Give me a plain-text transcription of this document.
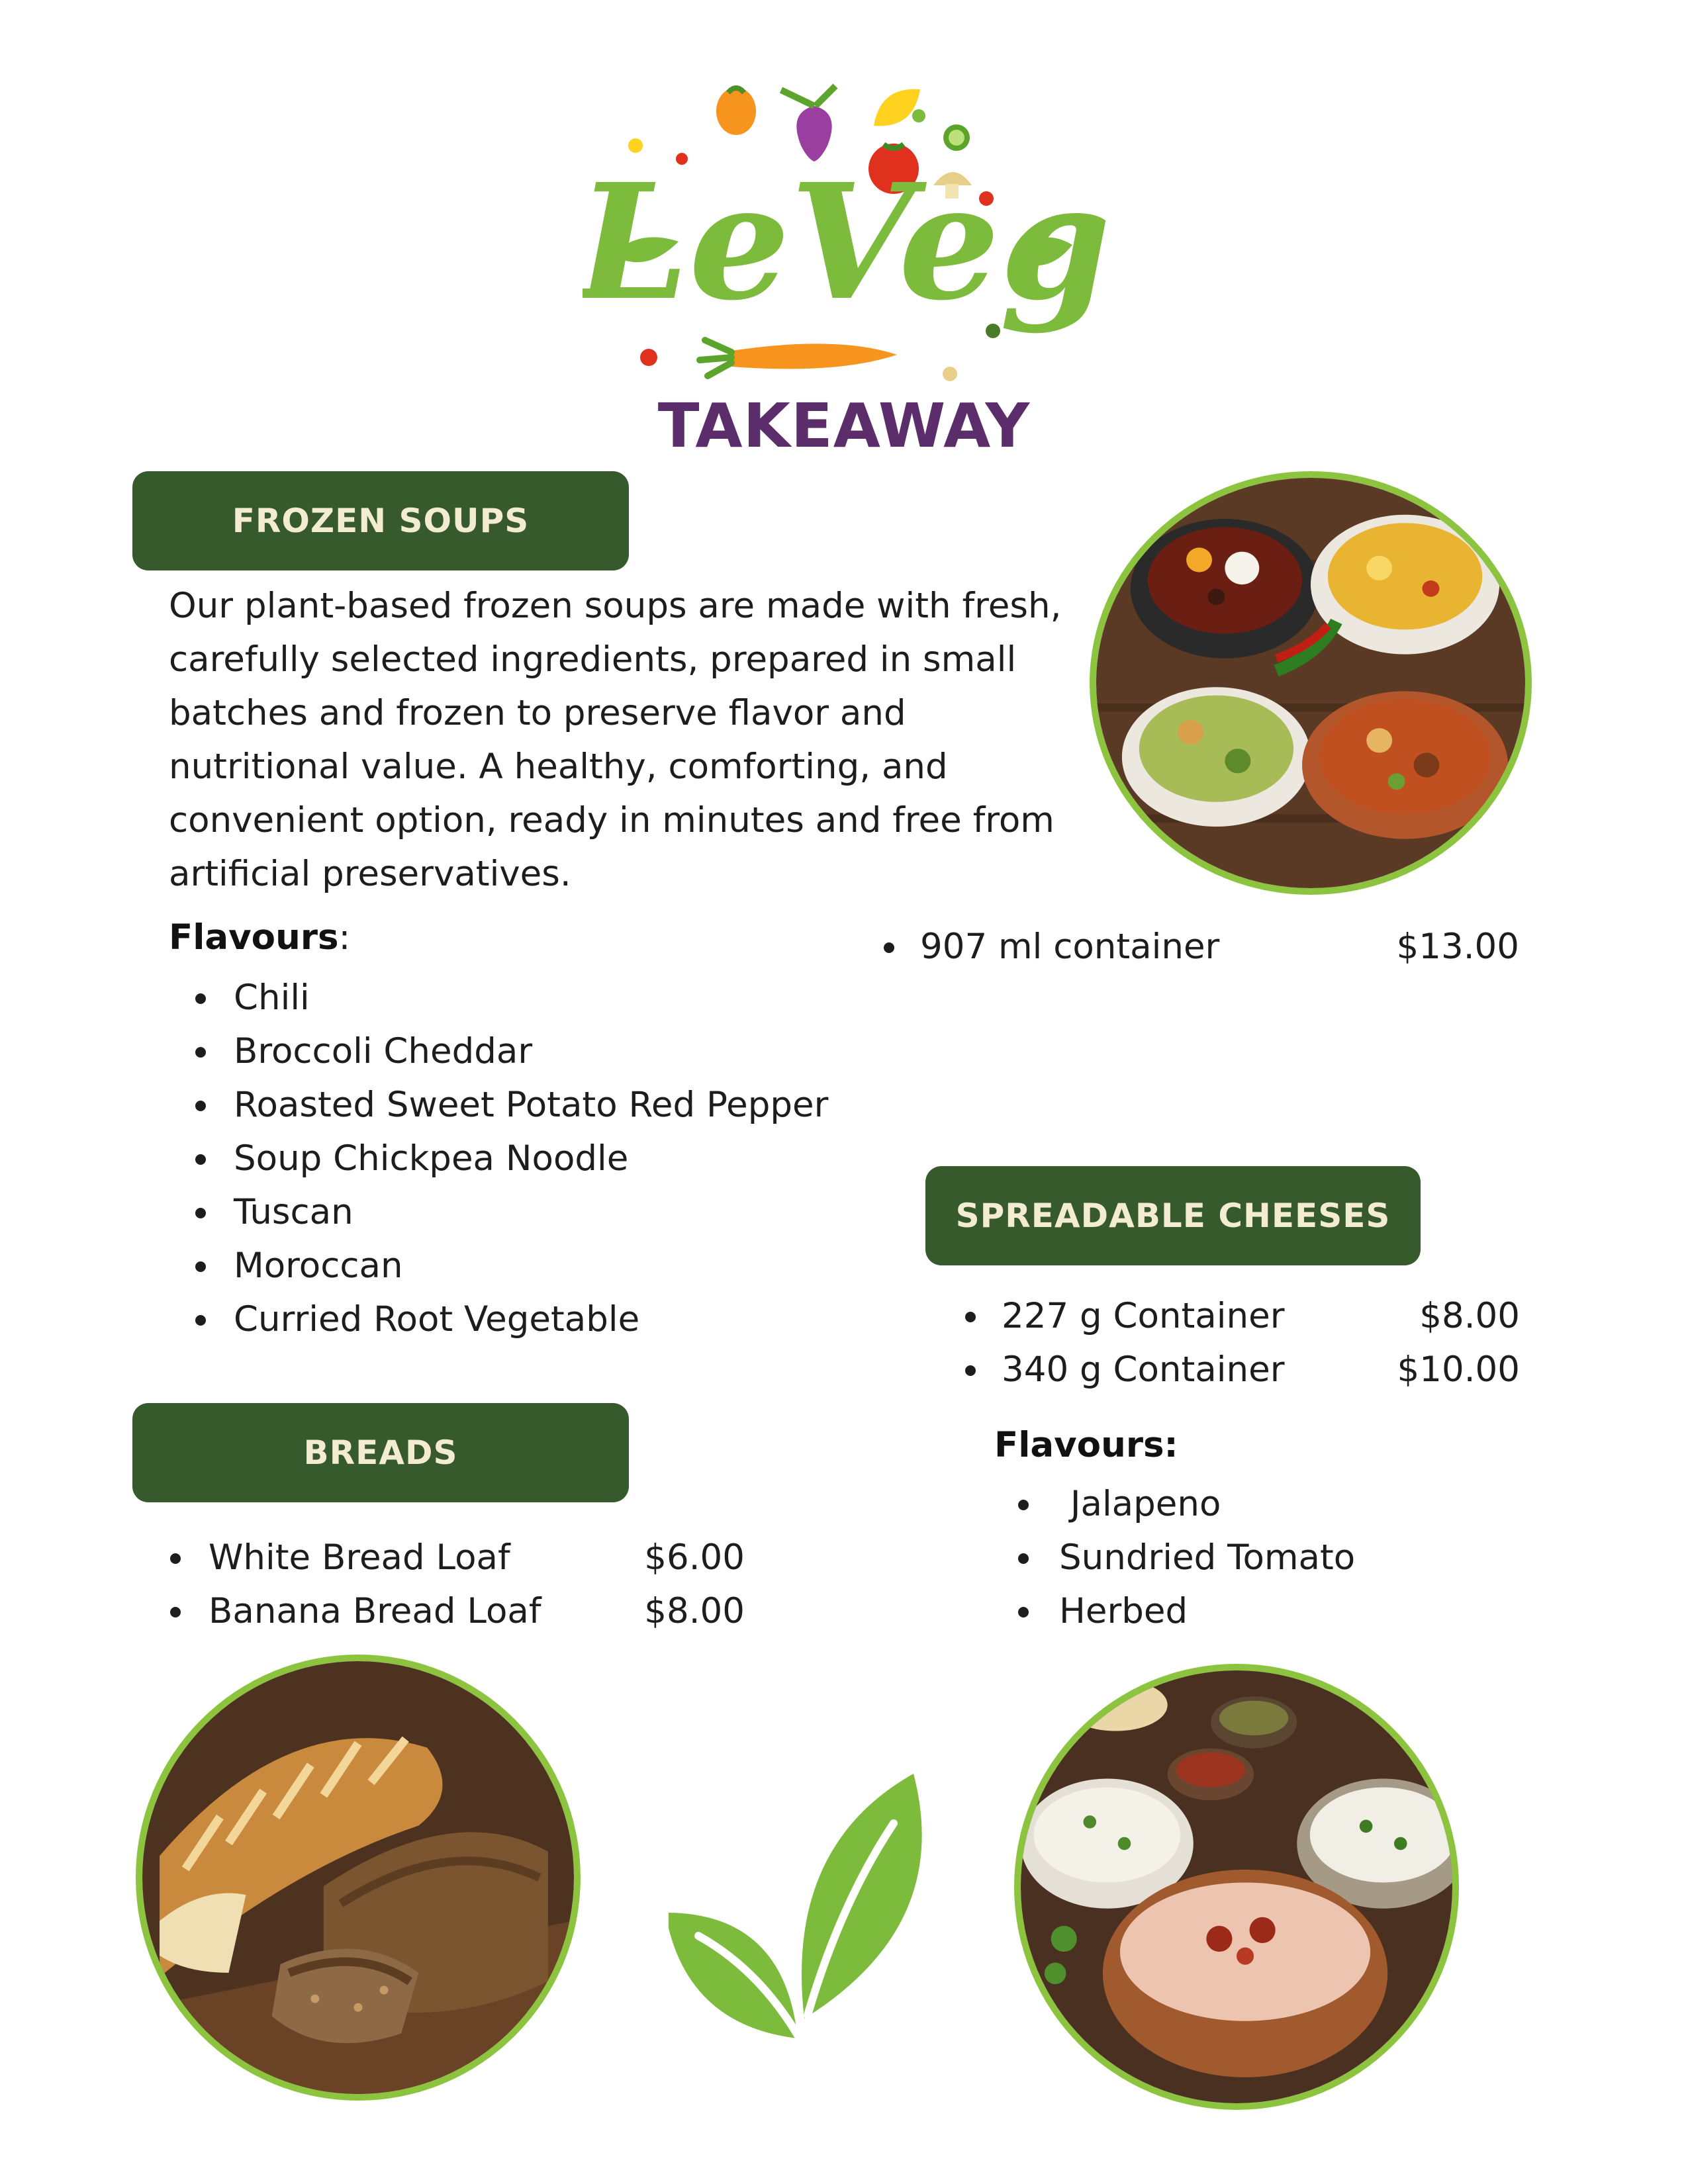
LeVeg
TAKEAWAY
FROZEN SOUPS
Our plant-based frozen soups are made with fresh,
carefully selected ingredients, prepared in small
batches and frozen to preserve flavor and
nutritional value. A healthy, comforting, and
convenient option, ready in minutes and free from
artificial preservatives.
Flavours:
Chili
Broccoli Cheddar
Roasted Sweet Potato Red Pepper
Soup Chickpea Noodle
Tuscan
Moroccan
Curried Root Vegetable
907 ml container	$13.00
SPREADABLE CHEESES
227 g Container	$8.00
340 g Container	$10.00
Flavours:
Jalapeno
Sundried Tomato
Herbed
BREADS
White Bread Loaf	$6.00
Banana Bread Loaf	$8.00
